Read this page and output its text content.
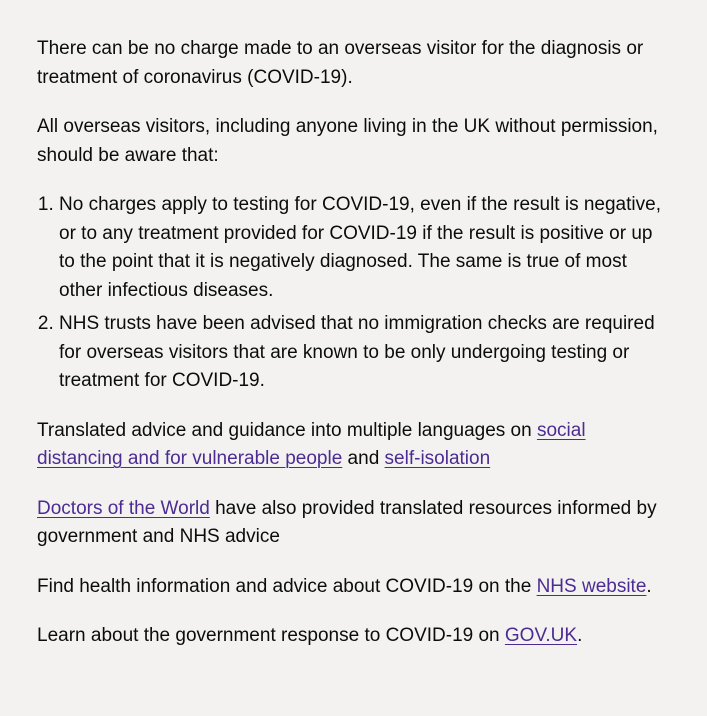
There can be no charge made to an overseas visitor for the diagnosis or treatment of coronavirus (COVID-19).

All overseas visitors, including anyone living in the UK without permission, should be aware that:

1. No charges apply to testing for COVID-19, even if the result is negative, or to any treatment provided for COVID-19 if the result is positive or up to the point that it is negatively diagnosed. The same is true of most other infectious diseases.
2. NHS trusts have been advised that no immigration checks are required for overseas visitors that are known to be only undergoing testing or treatment for COVID-19.

Translated advice and guidance into multiple languages on social distancing and for vulnerable people and self-isolation

Doctors of the World have also provided translated resources informed by government and NHS advice

Find health information and advice about COVID-19 on the NHS website.

Learn about the government response to COVID-19 on GOV.UK.
